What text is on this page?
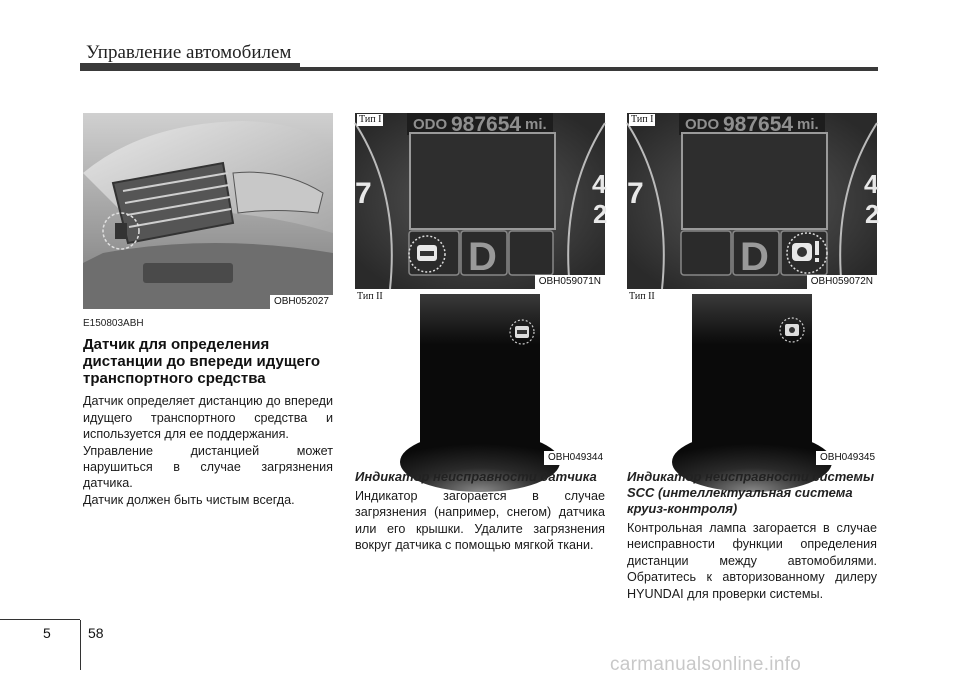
Управление автомобилем
OBH052027
ODO 987654 mi.
7	4
2
D
OBH059071N
Тип I
Тип II
OBH049344
ODO 987654 mi.
7	4
2
D
OBH059072N
Тип I
Тип II
OBH049345

E150803ABH

Датчик для определения дистанции до впереди идущего транспортного средства

Датчик определяет дистанцию до впереди идущего транспортного средства и используется для ее поддержания.

Управление дистанцией может нарушиться в случае загрязнения датчика.

Датчик должен быть чистым всегда.

Индикатор неисправности датчика

Индикатор загорается в случае загрязнения (например, снегом) датчика или его крышки. Удалите загрязнения вокруг датчика с помощью мягкой ткани.

Индикатор неисправности системы SCC (интеллектуальная система круиз-контроля)

Контрольная лампа загорается в случае неисправности функции определения дистанции между автомобилями. Обратитесь к авторизованному дилеру HYUNDAI для проверки системы.

5	58
carmanualsonline.info
